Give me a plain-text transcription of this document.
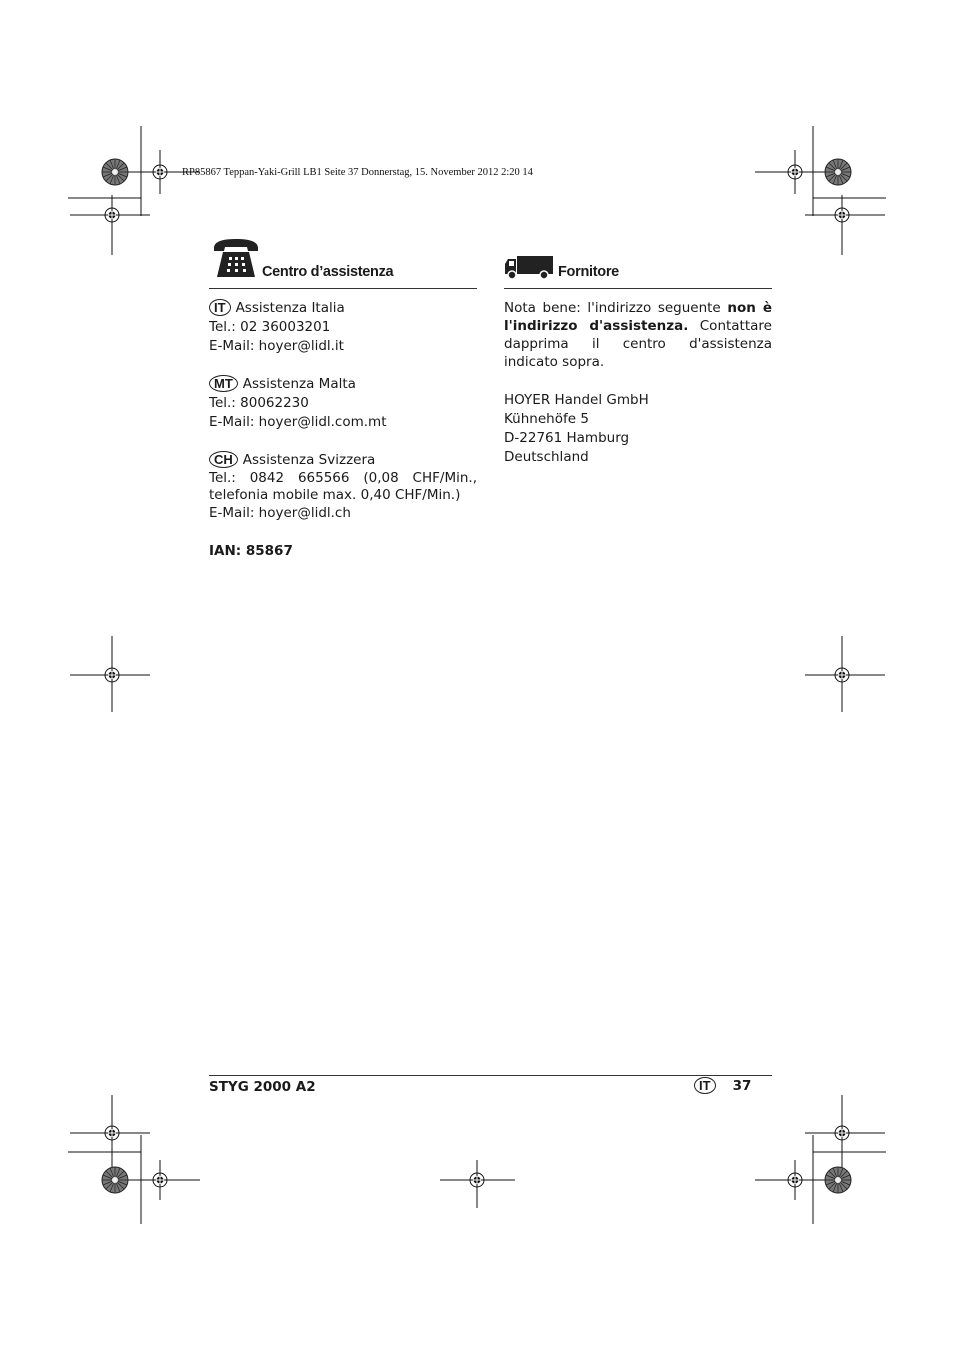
RP85867 Teppan-Yaki-Grill LB1 Seite 37 Donnerstag, 15. November 2012 2:20 14
Centro d’assistenza
IT Assistenza Italia
Tel.: 02 36003201
E-Mail: hoyer@lidl.it
MT Assistenza Malta
Tel.: 80062230
E-Mail: hoyer@lidl.com.mt
CH Assistenza Svizzera
Tel.: 0842 665566 (0,08 CHF/Min., telefonia mobile max. 0,40 CHF/Min.)
E-Mail: hoyer@lidl.ch
IAN: 85867
Fornitore
Nota bene: l'indirizzo seguente non è l'indirizzo d'assistenza. Contattare dapprima il centro d'assistenza indicato sopra.
HOYER Handel GmbH
Kühnehöfe 5
D-22761 Hamburg
Deutschland
STYG 2000 A2	IT 37
